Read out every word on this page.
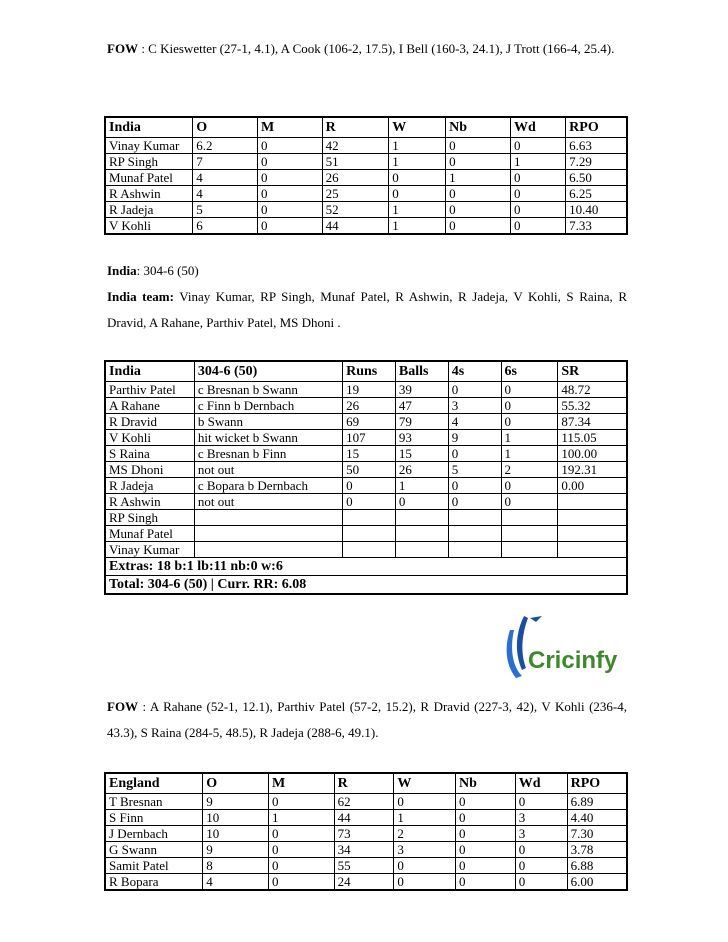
FOW : C Kieswetter (27-1, 4.1), A Cook (106-2, 17.5), I Bell (160-3, 24.1), J Trott (166-4, 25.4).
India	O	M	R	W	Nb	Wd	RPO
Vinay Kumar	6.2	0	42	1	0	0	6.63
RP Singh	7	0	51	1	0	1	7.29
Munaf Patel	4	0	26	0	1	0	6.50
R Ashwin	4	0	25	0	0	0	6.25
R Jadeja	5	0	52	1	0	0	10.40
V Kohli	6	0	44	1	0	0	7.33
India: 304-6 (50)
India team: Vinay Kumar, RP Singh, Munaf Patel, R Ashwin, R Jadeja, V Kohli, S Raina, R Dravid, A Rahane, Parthiv Patel, MS Dhoni .
India	304-6 (50)	Runs	Balls	4s	6s	SR
Parthiv Patel	c Bresnan b Swann	19	39	0	0	48.72
A Rahane	c Finn b Dernbach	26	47	3	0	55.32
R Dravid	b Swann	69	79	4	0	87.34
V Kohli	hit wicket b Swann	107	93	9	1	115.05
S Raina	c Bresnan b Finn	15	15	0	1	100.00
MS Dhoni	not out	50	26	5	2	192.31
R Jadeja	c Bopara b Dernbach	0	1	0	0	0.00
R Ashwin	not out	0	0	0	0	
RP Singh						
Munaf Patel						
Vinay Kumar						
Extras: 18 b:1 lb:11 nb:0 w:6						
Total: 304-6 (50) | Curr. RR: 6.08						
Cricinfy
FOW : A Rahane (52-1, 12.1), Parthiv Patel (57-2, 15.2), R Dravid (227-3, 42), V Kohli (236-4, 43.3), S Raina (284-5, 48.5), R Jadeja (288-6, 49.1).
England	O	M	R	W	Nb	Wd	RPO
T Bresnan	9	0	62	0	0	0	6.89
S Finn	10	1	44	1	0	3	4.40
J Dernbach	10	0	73	2	0	3	7.30
G Swann	9	0	34	3	0	0	3.78
Samit Patel	8	0	55	0	0	0	6.88
R Bopara	4	0	24	0	0	0	6.00
